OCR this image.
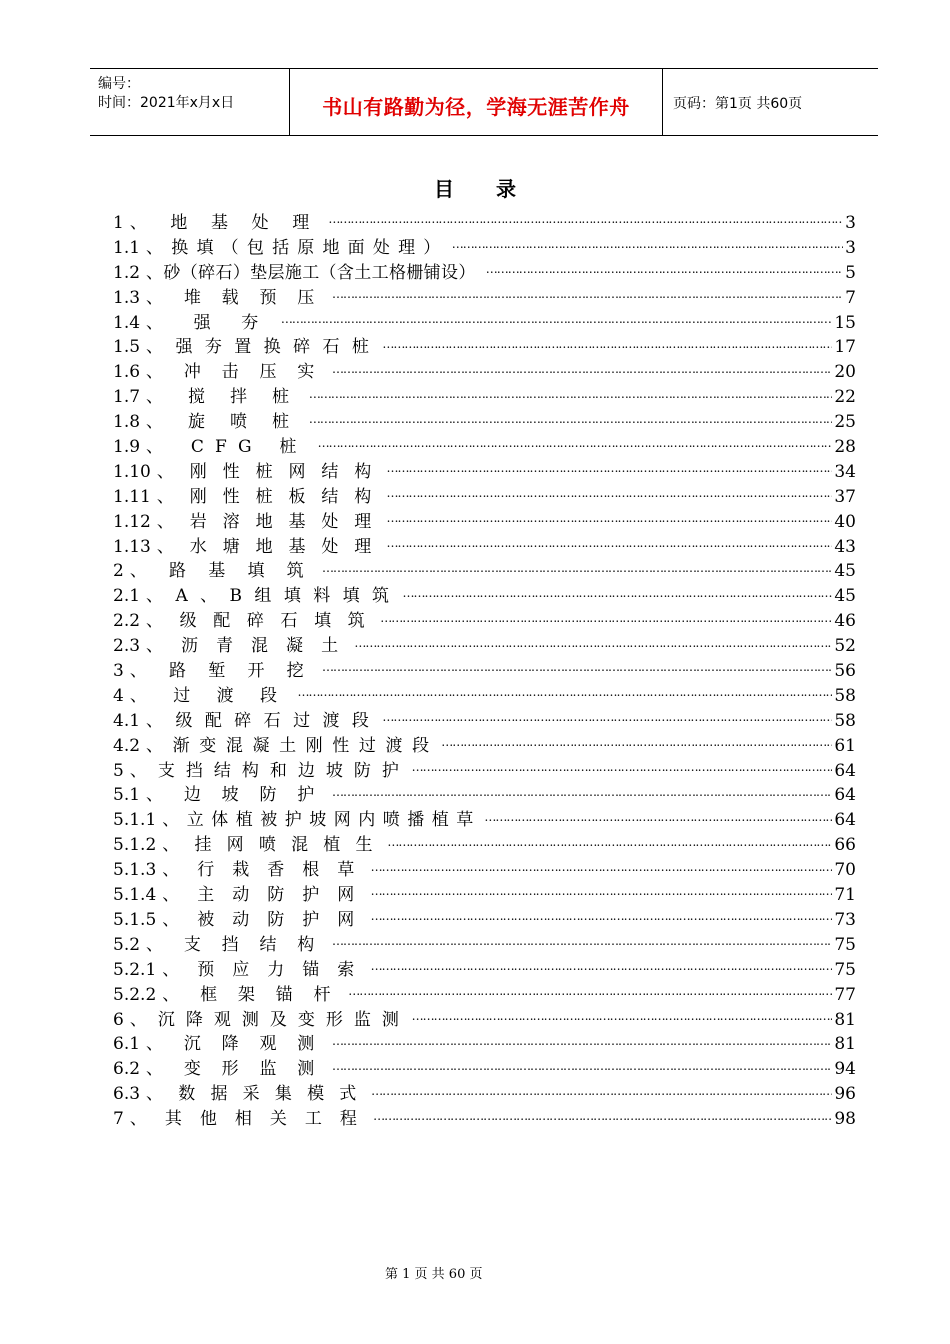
编号：
时间：2021年x月x日	书山有路勤为径，学海无涯苦作舟	页码：第1页 共60页
目 录
1 、 地 基 处 理 …………………………………………………………………………………………………………………………………………………………………………………………………	3
1.1 、 换 填 （ 包 括 原 地 面 处 理 ） …………………………………………………………………………………………………………………………………………………………………………………………………	3
1.2 、砂（碎石）垫层施工（含土工格栅铺设） …………………………………………………………………………………………………………………………………………………………………………………………………	5
1.3 、 堆 载 预 压 …………………………………………………………………………………………………………………………………………………………………………………………………	7
1.4 、 强 夯 …………………………………………………………………………………………………………………………………………………………………………………………………	15
1.5 、 强 夯 置 换 碎 石 桩 …………………………………………………………………………………………………………………………………………………………………………………………………	17
1.6 、 冲 击 压 实 …………………………………………………………………………………………………………………………………………………………………………………………………	20
1.7 、 搅 拌 桩 …………………………………………………………………………………………………………………………………………………………………………………………………	22
1.8 、 旋 喷 桩 …………………………………………………………………………………………………………………………………………………………………………………………………	25
1.9 、 CFG 桩 …………………………………………………………………………………………………………………………………………………………………………………………………	28
1.10 、 刚 性 桩 网 结 构 …………………………………………………………………………………………………………………………………………………………………………………………………	34
1.11 、 刚 性 桩 板 结 构 …………………………………………………………………………………………………………………………………………………………………………………………………	37
1.12 、 岩 溶 地 基 处 理 …………………………………………………………………………………………………………………………………………………………………………………………………	40
1.13 、 水 塘 地 基 处 理 …………………………………………………………………………………………………………………………………………………………………………………………………	43
2 、 路 基 填 筑 …………………………………………………………………………………………………………………………………………………………………………………………………	45
2.1 、 A 、 B 组 填 料 填 筑 …………………………………………………………………………………………………………………………………………………………………………………………………	45
2.2 、 级 配 碎 石 填 筑 …………………………………………………………………………………………………………………………………………………………………………………………………	46
2.3 、 沥 青 混 凝 土 …………………………………………………………………………………………………………………………………………………………………………………………………	52
3 、 路 堑 开 挖 …………………………………………………………………………………………………………………………………………………………………………………………………	56
4 、 过 渡 段 …………………………………………………………………………………………………………………………………………………………………………………………………	58
4.1 、 级 配 碎 石 过 渡 段 …………………………………………………………………………………………………………………………………………………………………………………………………	58
4.2 、 渐 变 混 凝 土 刚 性 过 渡 段 …………………………………………………………………………………………………………………………………………………………………………………………………	61
5 、 支 挡 结 构 和 边 坡 防 护 …………………………………………………………………………………………………………………………………………………………………………………………………	64
5.1 、 边 坡 防 护 …………………………………………………………………………………………………………………………………………………………………………………………………	64
5.1.1 、 立 体 植 被 护 坡 网 内 喷 播 植 草 …………………………………………………………………………………………………………………………………………………………………………………………………	64
5.1.2 、 挂 网 喷 混 植 生 …………………………………………………………………………………………………………………………………………………………………………………………………	66
5.1.3 、 行 栽 香 根 草 …………………………………………………………………………………………………………………………………………………………………………………………………	70
5.1.4 、 主 动 防 护 网 …………………………………………………………………………………………………………………………………………………………………………………………………	71
5.1.5 、 被 动 防 护 网 …………………………………………………………………………………………………………………………………………………………………………………………………	73
5.2 、 支 挡 结 构 …………………………………………………………………………………………………………………………………………………………………………………………………	75
5.2.1 、 预 应 力 锚 索 …………………………………………………………………………………………………………………………………………………………………………………………………	75
5.2.2 、 框 架 锚 杆 …………………………………………………………………………………………………………………………………………………………………………………………………	77
6 、 沉 降 观 测 及 变 形 监 测 …………………………………………………………………………………………………………………………………………………………………………………………………	81
6.1 、 沉 降 观 测 …………………………………………………………………………………………………………………………………………………………………………………………………	81
6.2 、 变 形 监 测 …………………………………………………………………………………………………………………………………………………………………………………………………	94
6.3 、 数 据 采 集 模 式 …………………………………………………………………………………………………………………………………………………………………………………………………	96
7 、 其 他 相 关 工 程 …………………………………………………………………………………………………………………………………………………………………………………………………	98
第 1 页 共 60 页
